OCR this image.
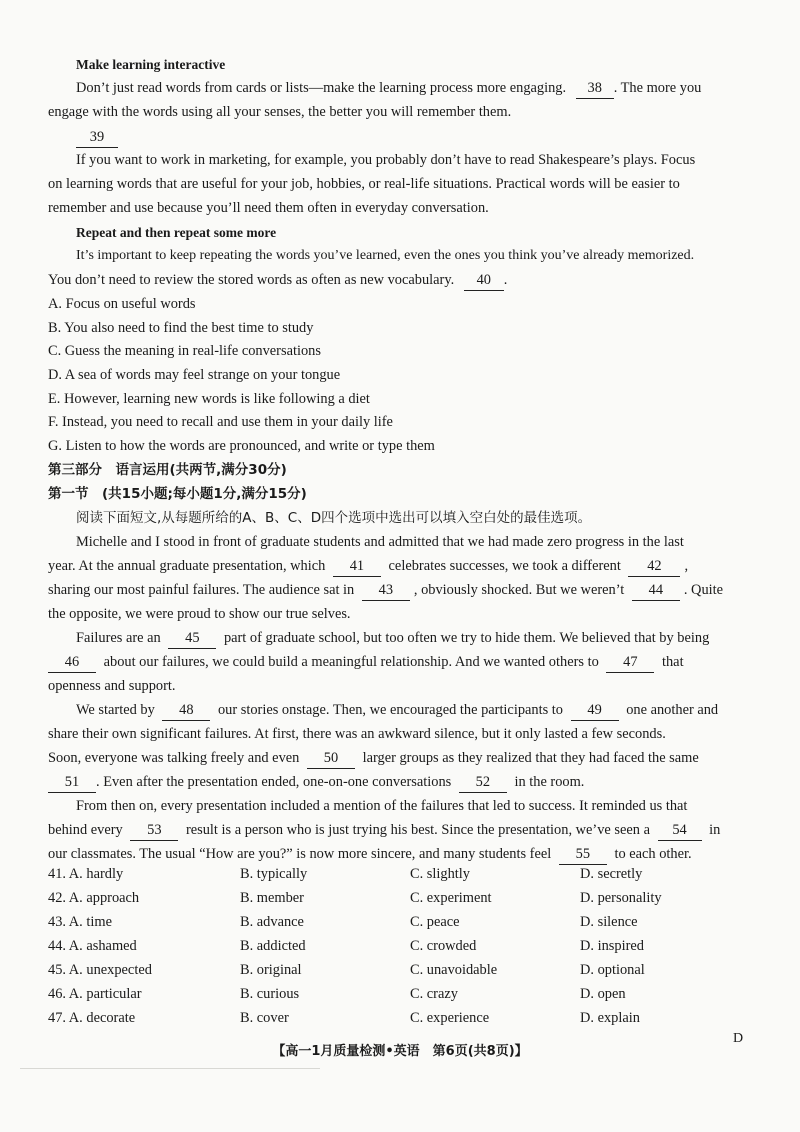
Make learning interactive
Don’t just read words from cards or lists—make the learning process more engaging. 38 . The more you
engage with the words using all your senses, the better you will remember them.
39
If you want to work in marketing, for example, you probably don’t have to read Shakespeare’s plays. Focus
on learning words that are useful for your job, hobbies, or real-life situations. Practical words will be easier to
remember and use because you’ll need them often in everyday conversation.
Repeat and then repeat some more
It’s important to keep repeating the words you’ve learned, even the ones you think you’ve already memorized.
You don’t need to review the stored words as often as new vocabulary. 40 .
A. Focus on useful words
B. You also need to find the best time to study
C. Guess the meaning in real-life conversations
D. A sea of words may feel strange on your tongue
E. However, learning new words is like following a diet
F. Instead, you need to recall and use them in your daily life
G. Listen to how the words are pronounced, and write or type them
第三部分　语言运用(共两节,满分30分)
第一节　(共15小题;每小题1分,满分15分)
阅读下面短文,从每题所给的A、B、C、D四个选项中选出可以填入空白处的最佳选项。
Michelle and I stood in front of graduate students and admitted that we had made zero progress in the last
year. At the annual graduate presentation, which 41 celebrates successes, we took a different 42 ,
sharing our most painful failures. The audience sat in 43 , obviously shocked. But we weren’t 44 . Quite
the opposite, we were proud to show our true selves.
Failures are an 45 part of graduate school, but too often we try to hide them. We believed that by being
46 about our failures, we could build a meaningful relationship. And we wanted others to 47 that
openness and support.
We started by 48 our stories onstage. Then, we encouraged the participants to 49 one another and
share their own significant failures. At first, there was an awkward silence, but it only lasted a few seconds.
Soon, everyone was talking freely and even 50 larger groups as they realized that they had faced the same
51 . Even after the presentation ended, one-on-one conversations 52 in the room.
From then on, every presentation included a mention of the failures that led to success. It reminded us that
behind every 53 result is a person who is just trying his best. Since the presentation, we’ve seen a 54 in
our classmates. The usual “How are you?” is now more sincere, and many students feel 55 to each other.
41. A. hardly	B. typically	C. slightly	D. secretly
42. A. approach	B. member	C. experiment	D. personality
43. A. time	B. advance	C. peace	D. silence
44. A. ashamed	B. addicted	C. crowded	D. inspired
45. A. unexpected	B. original	C. unavoidable	D. optional
46. A. particular	B. curious	C. crazy	D. open
47. A. decorate	B. cover	C. experience	D. explain
D
【高一1月质量检测•英语　第6页(共8页)】
